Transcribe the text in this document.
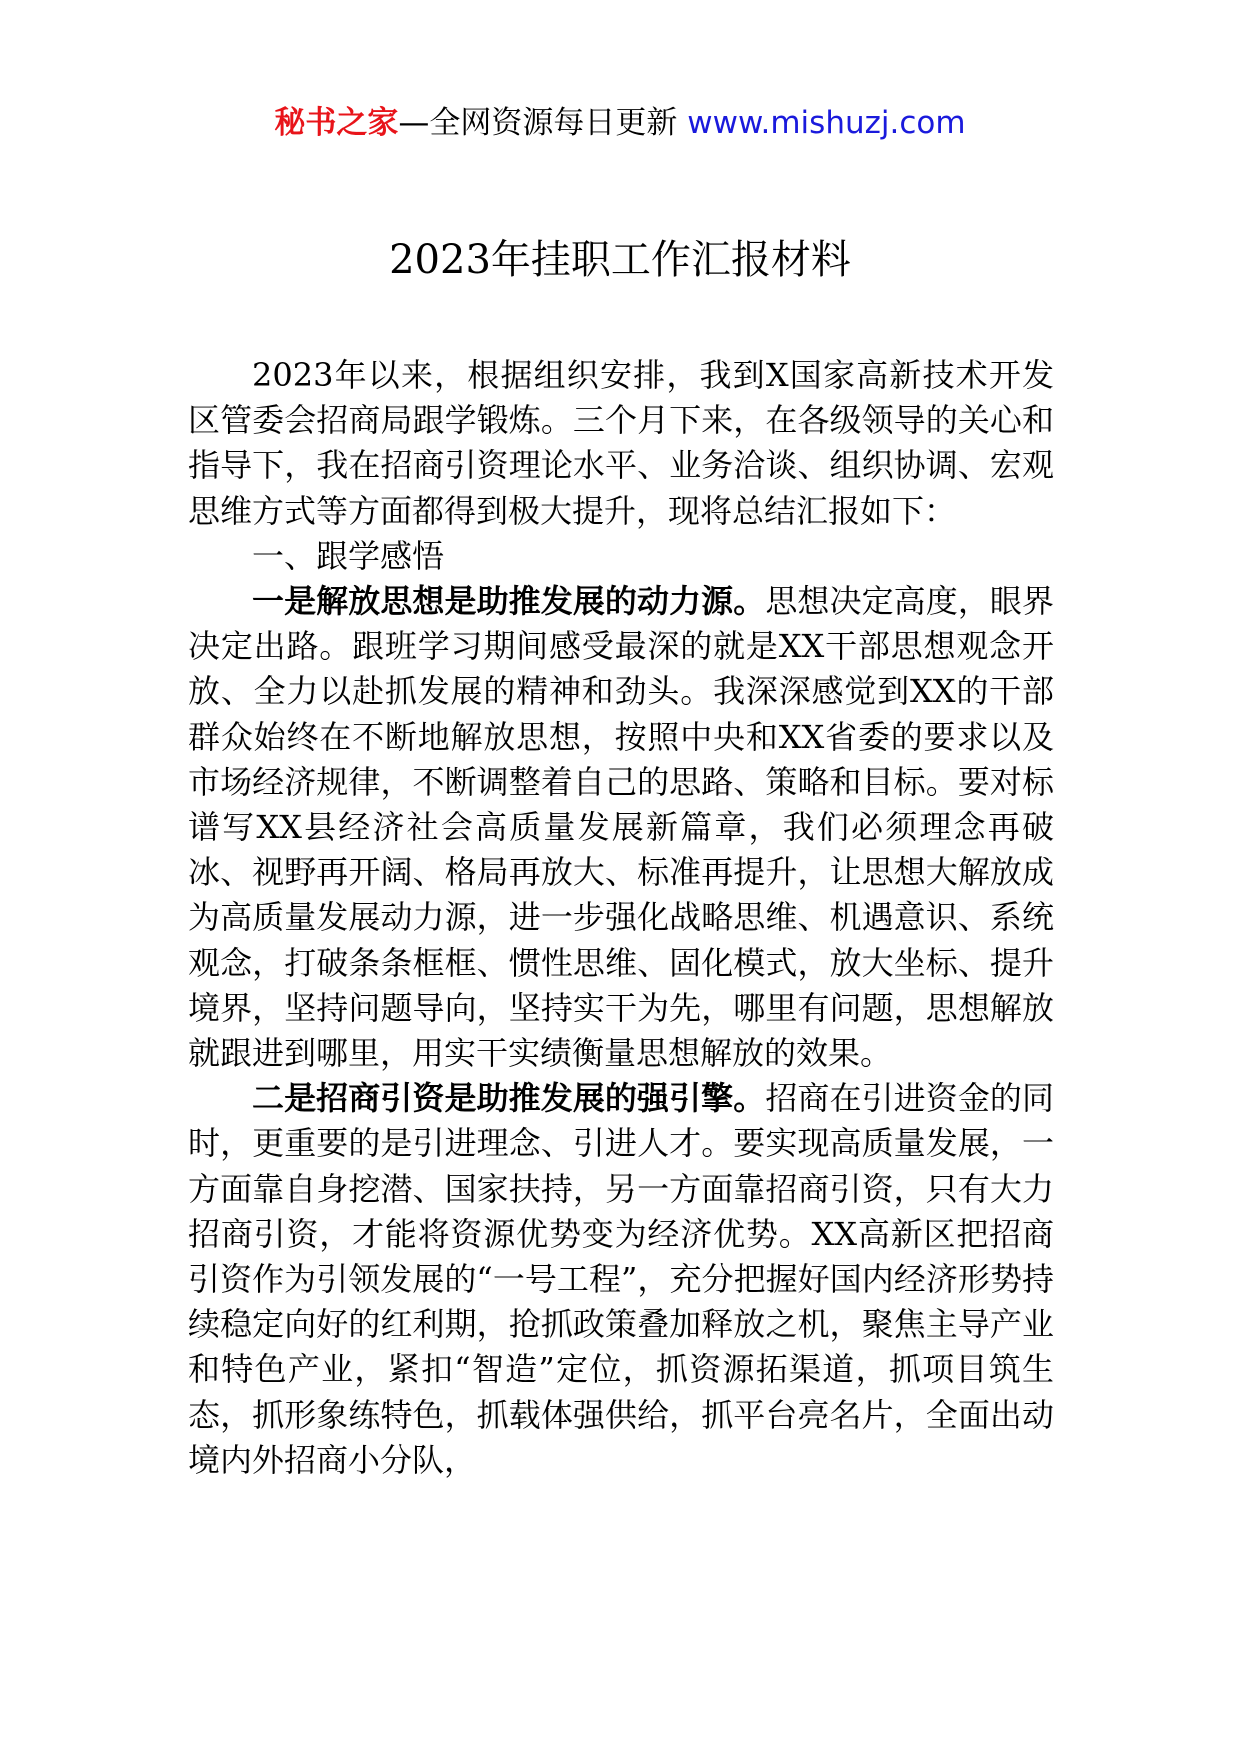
秘书之家—全网资源每日更新 www.mishuzj.com
2023年挂职工作汇报材料

2023年以来，根据组织安排，我到X国家高新技术开发区管委会招商局跟学锻炼。三个月下来，在各级领导的关心和指导下，我在招商引资理论水平、业务洽谈、组织协调、宏观思维方式等方面都得到极大提升，现将总结汇报如下：

一、跟学感悟

一是解放思想是助推发展的动力源。思想决定高度，眼界决定出路。跟班学习期间感受最深的就是XX干部思想观念开放、全力以赴抓发展的精神和劲头。我深深感觉到XX的干部群众始终在不断地解放思想，按照中央和XX省委的要求以及市场经济规律，不断调整着自己的思路、策略和目标。要对标谱写XX县经济社会高质量发展新篇章，我们必须理念再破冰、视野再开阔、格局再放大、标准再提升，让思想大解放成为高质量发展动力源，进一步强化战略思维、机遇意识、系统观念，打破条条框框、惯性思维、固化模式，放大坐标、提升境界，坚持问题导向，坚持实干为先，哪里有问题，思想解放就跟进到哪里，用实干实绩衡量思想解放的效果。

二是招商引资是助推发展的强引擎。招商在引进资金的同时，更重要的是引进理念、引进人才。要实现高质量发展，一方面靠自身挖潜、国家扶持，另一方面靠招商引资，只有大力招商引资，才能将资源优势变为经济优势。XX高新区把招商引资作为引领发展的“一号工程”，充分把握好国内经济形势持续稳定向好的红利期，抢抓政策叠加释放之机，聚焦主导产业和特色产业，紧扣“智造”定位，抓资源拓渠道，抓项目筑生态，抓形象练特色，抓载体强供给，抓平台亮名片，全面出动境内外招商小分队，
